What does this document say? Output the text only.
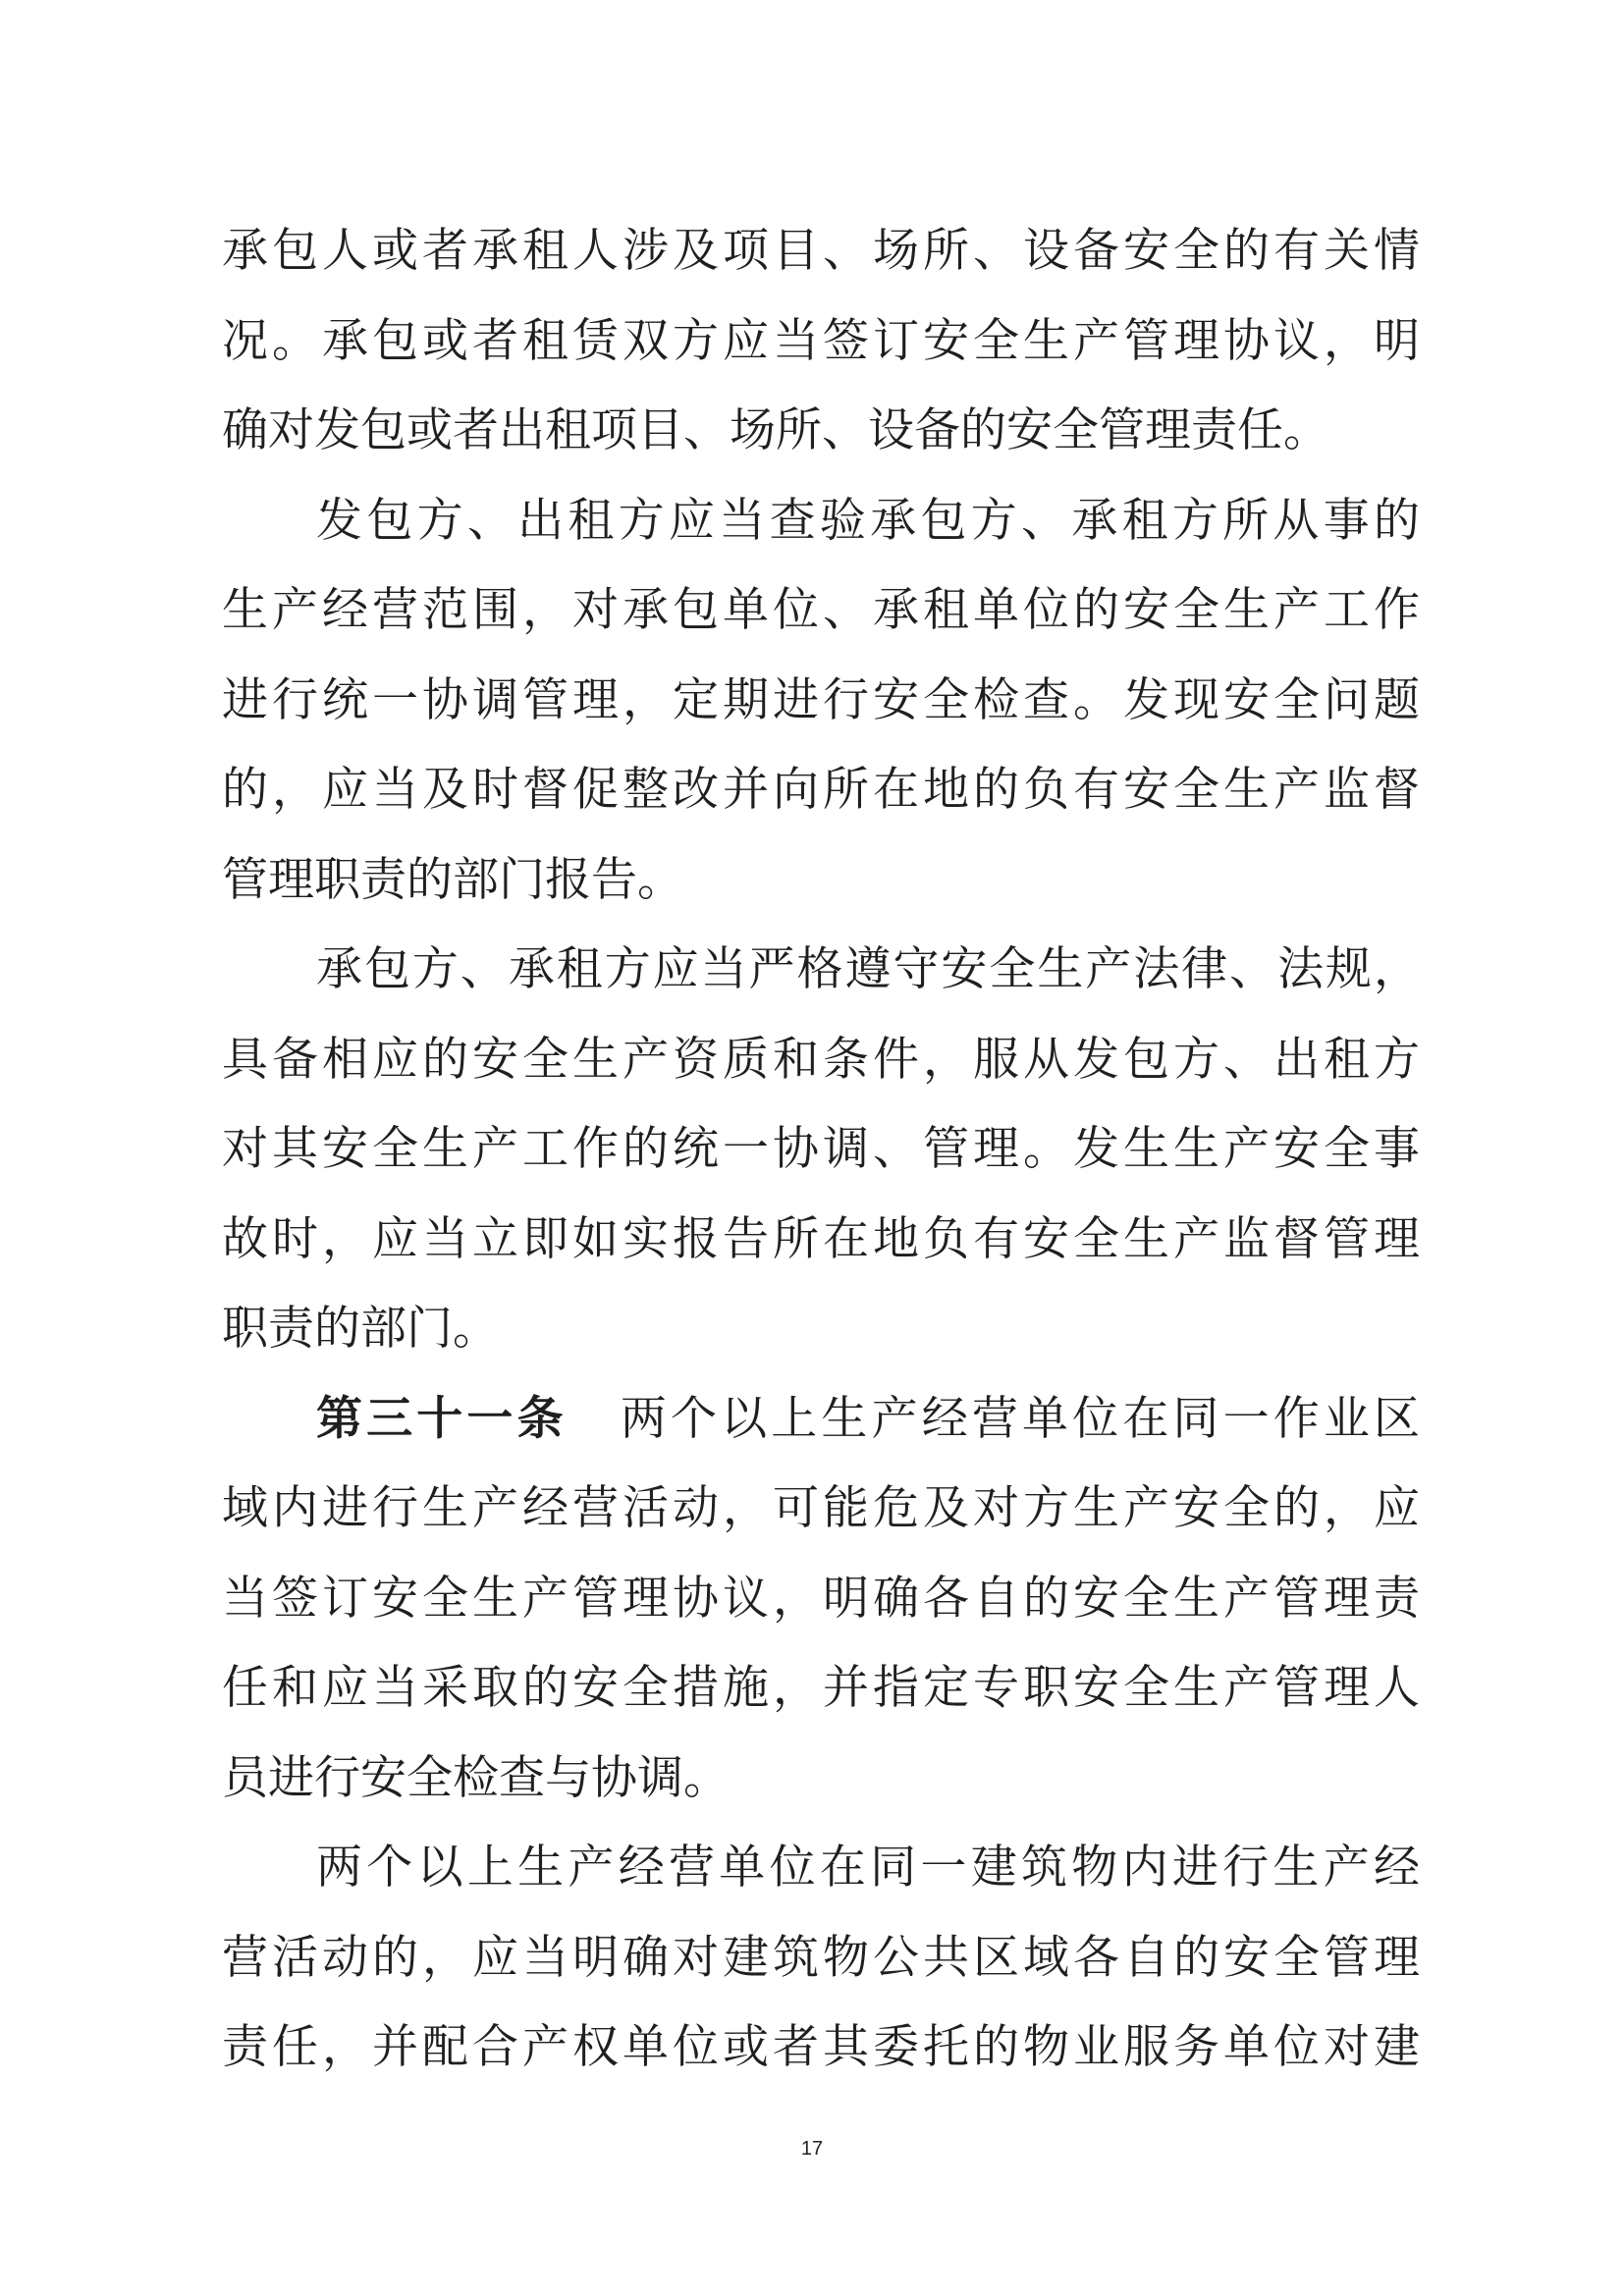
承包人或者承租人涉及项目、场所、设备安全的有关情
况。承包或者租赁双方应当签订安全生产管理协议，明
确对发包或者出租项目、场所、设备的安全管理责任。
发包方、出租方应当查验承包方、承租方所从事的
生产经营范围，对承包单位、承租单位的安全生产工作
进行统一协调管理，定期进行安全检查。发现安全问题
的，应当及时督促整改并向所在地的负有安全生产监督
管理职责的部门报告。
承包方、承租方应当严格遵守安全生产法律、法规，
具备相应的安全生产资质和条件，服从发包方、出租方
对其安全生产工作的统一协调、管理。发生生产安全事
故时，应当立即如实报告所在地负有安全生产监督管理
职责的部门。
第三十一条 两个以上生产经营单位在同一作业区
域内进行生产经营活动，可能危及对方生产安全的，应
当签订安全生产管理协议，明确各自的安全生产管理责
任和应当采取的安全措施，并指定专职安全生产管理人
员进行安全检查与协调。
两个以上生产经营单位在同一建筑物内进行生产经
营活动的，应当明确对建筑物公共区域各自的安全管理
责任，并配合产权单位或者其委托的物业服务单位对建
17
